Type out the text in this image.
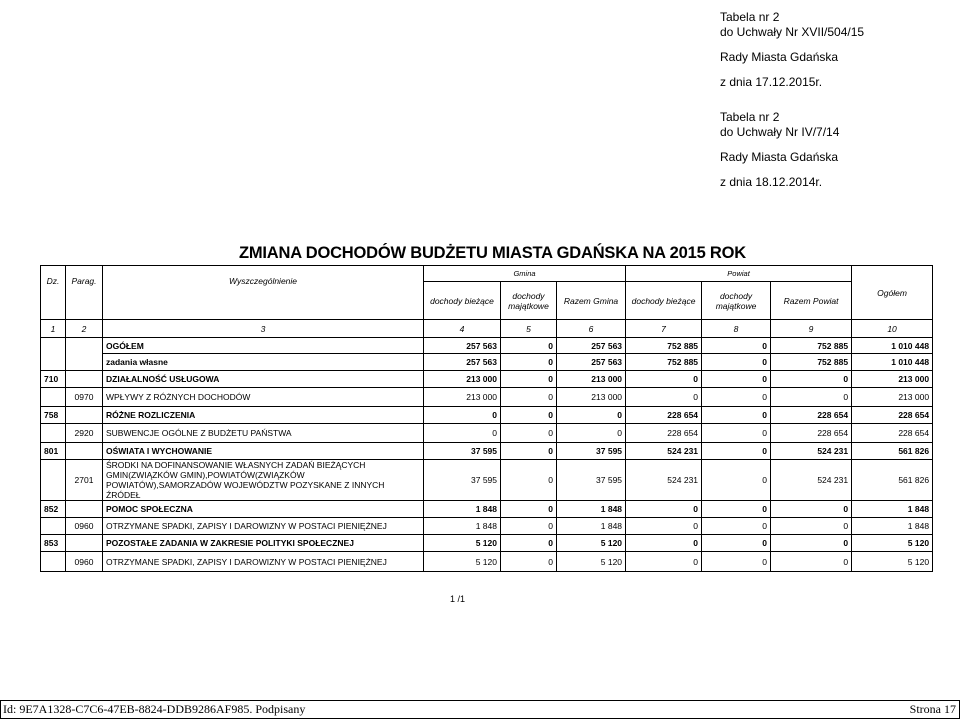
Tabela nr 2
do Uchwały Nr XVII/504/15
Rady Miasta Gdańska
z dnia 17.12.2015r.
Tabela nr 2
do Uchwały Nr IV/7/14
Rady Miasta Gdańska
z dnia 18.12.2014r.
ZMIANA DOCHODÓW BUDŻETU MIASTA GDAŃSKA NA 2015 ROK
Dz.	Parag.	Wyszczególnienie	Gmina			Powiat			Ogółem
			dochody bieżące	dochody majątkowe	Razem Gmina	dochody bieżące	dochody majątkowe	Razem Powiat	
1	2	3	4	5	6	7	8	9	10
		OGÓŁEM	257 563	0	257 563	752 885	0	752 885	1 010 448
		zadania własne	257 563	0	257 563	752 885	0	752 885	1 010 448
710		DZIAŁALNOŚĆ USŁUGOWA	213 000	0	213 000	0	0	0	213 000
	0970	WPŁYWY Z RÓŻNYCH DOCHODÓW	213 000	0	213 000	0	0	0	213 000
758		RÓŻNE ROZLICZENIA	0	0	0	228 654	0	228 654	228 654
	2920	SUBWENCJE OGÓLNE Z BUDŻETU PAŃSTWA	0	0	0	228 654	0	228 654	228 654
801		OŚWIATA I WYCHOWANIE	37 595	0	37 595	524 231	0	524 231	561 826
	2701	ŚRODKI NA DOFINANSOWANIE WŁASNYCH ZADAŃ BIEŻĄCYCH GMIN(ZWIĄZKÓW GMIN),POWIATÓW(ZWIĄZKÓW POWIATÓW),SAMORZADÓW WOJEWÓDZTW POZYSKANE Z INNYCH ŹRÓDEŁ	37 595	0	37 595	524 231	0	524 231	561 826
852		POMOC SPOŁECZNA	1 848	0	1 848	0	0	0	1 848
	0960	OTRZYMANE SPADKI, ZAPISY I DAROWIZNY W POSTACI PIENIĘŻNEJ	1 848	0	1 848	0	0	0	1 848
853		POZOSTAŁE ZADANIA W ZAKRESIE POLITYKI SPOŁECZNEJ	5 120	0	5 120	0	0	0	5 120
	0960	OTRZYMANE SPADKI, ZAPISY I DAROWIZNY W POSTACI PIENIĘŻNEJ	5 120	0	5 120	0	0	0	5 120
1 /1
Id: 9E7A1328-C7C6-47EB-8824-DDB9286AF985. Podpisany	Strona 17
